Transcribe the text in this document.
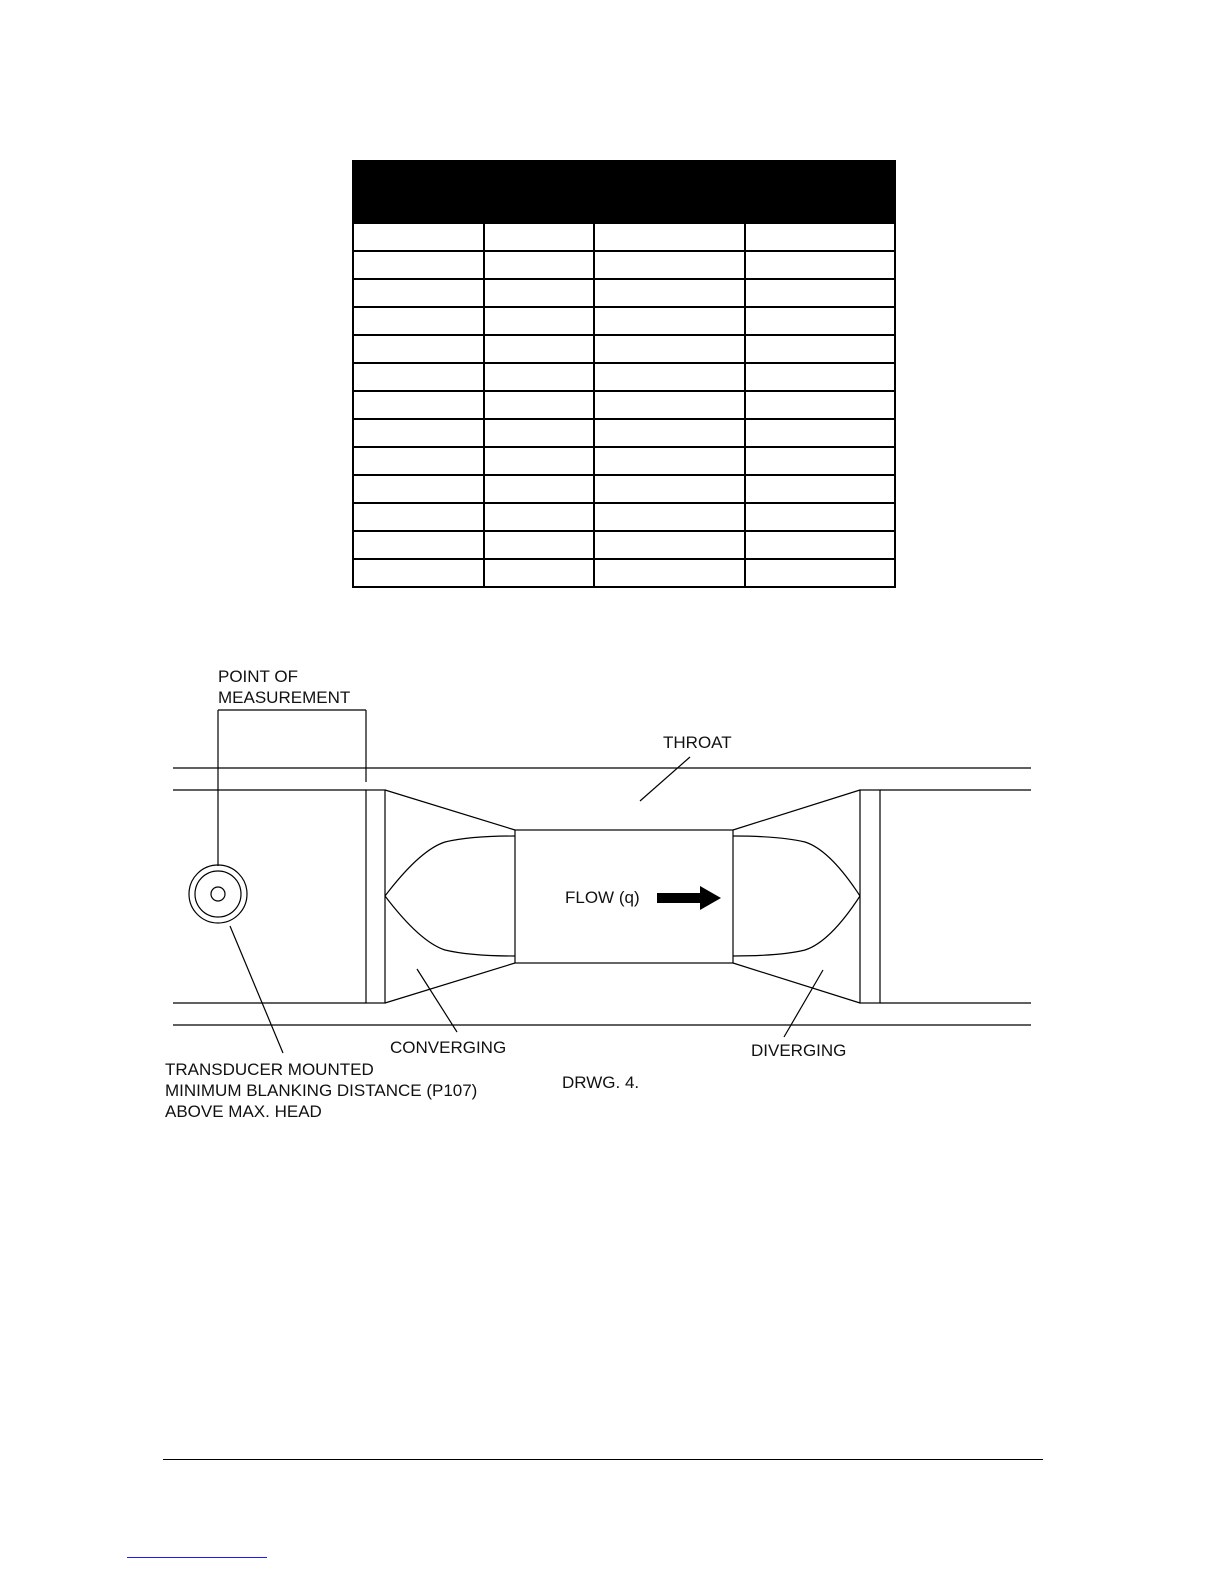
POINT OF
MEASUREMENT
THROAT
FLOW (q)
CONVERGING	DIVERGING
TRANSDUCER MOUNTED
MINIMUM BLANKING DISTANCE (P107)
ABOVE MAX. HEAD
DRWG. 4.
